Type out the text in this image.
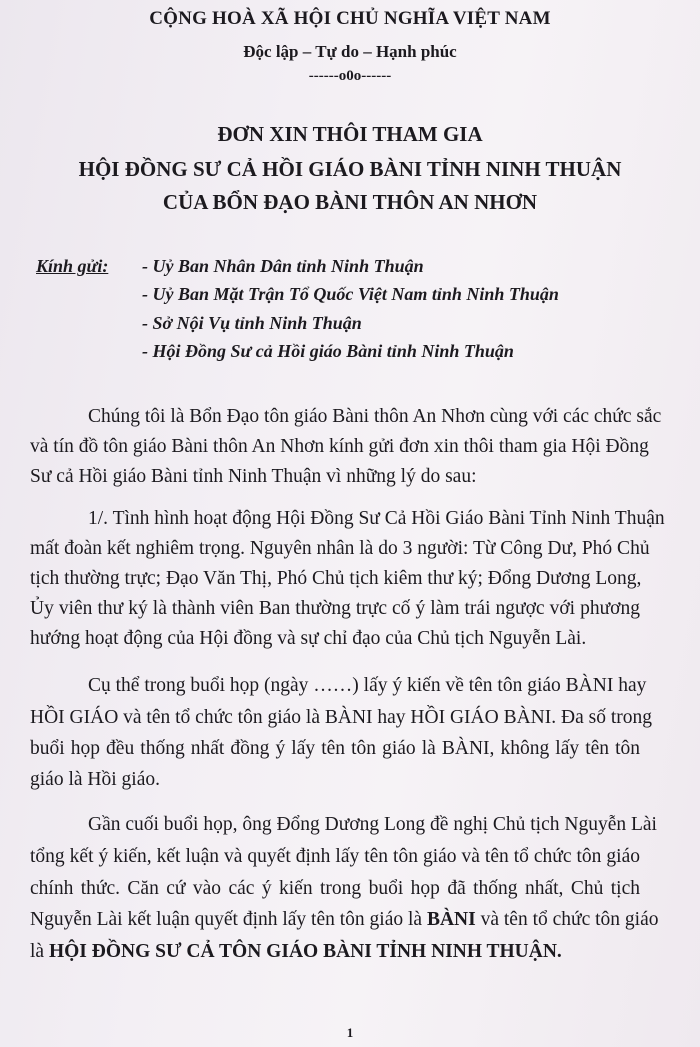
CỘNG HOÀ XÃ HỘI CHỦ NGHĨA VIỆT NAM
Độc lập – Tự do – Hạnh phúc
------o0o------
ĐƠN XIN THÔI THAM GIA
HỘI ĐỒNG SƯ CẢ HỒI GIÁO BÀNI TỈNH NINH THUẬN
CỦA BỔN ĐẠO BÀNI THÔN AN NHƠN
Kính gửi: - Uỷ Ban Nhân Dân tỉnh Ninh Thuận
- Uỷ Ban Mặt Trận Tổ Quốc Việt Nam tỉnh Ninh Thuận
- Sở Nội Vụ tỉnh Ninh Thuận
- Hội Đồng Sư cả Hồi giáo Bàni tỉnh Ninh Thuận
Chúng tôi là Bổn Đạo tôn giáo Bàni thôn An Nhơn cùng với các chức sắc
và tín đồ tôn giáo Bàni thôn An Nhơn kính gửi đơn xin thôi tham gia Hội Đồng
Sư cả Hồi giáo Bàni tỉnh Ninh Thuận vì những lý do sau:
1/. Tình hình hoạt động Hội Đồng Sư Cả Hồi Giáo Bàni Tỉnh Ninh Thuận
mất đoàn kết nghiêm trọng. Nguyên nhân là do 3 người: Từ Công Dư, Phó Chủ
tịch thường trực; Đạo Văn Thị, Phó Chủ tịch kiêm thư ký; Đổng Dương Long,
Ủy viên thư ký là thành viên Ban thường trực cố ý làm trái ngược với phương
hướng hoạt động của Hội đồng và sự chỉ đạo của Chủ tịch Nguyễn Lài.
Cụ thể trong buổi họp (ngày ……) lấy ý kiến về tên tôn giáo BÀNI hay
HỒI GIÁO và tên tổ chức tôn giáo là BÀNI hay HỒI GIÁO BÀNI. Đa số trong
buổi họp đều thống nhất đồng ý lấy tên tôn giáo là BÀNI, không lấy tên tôn
giáo là Hồi giáo.
Gần cuối buổi họp, ông Đổng Dương Long đề nghị Chủ tịch Nguyễn Lài
tổng kết ý kiến, kết luận và quyết định lấy tên tôn giáo và tên tổ chức tôn giáo
chính thức. Căn cứ vào các ý kiến trong buổi họp đã thống nhất, Chủ tịch
Nguyễn Lài kết luận quyết định lấy tên tôn giáo là BÀNI và tên tổ chức tôn giáo
là HỘI ĐỒNG SƯ CẢ TÔN GIÁO BÀNI TỈNH NINH THUẬN.
1
